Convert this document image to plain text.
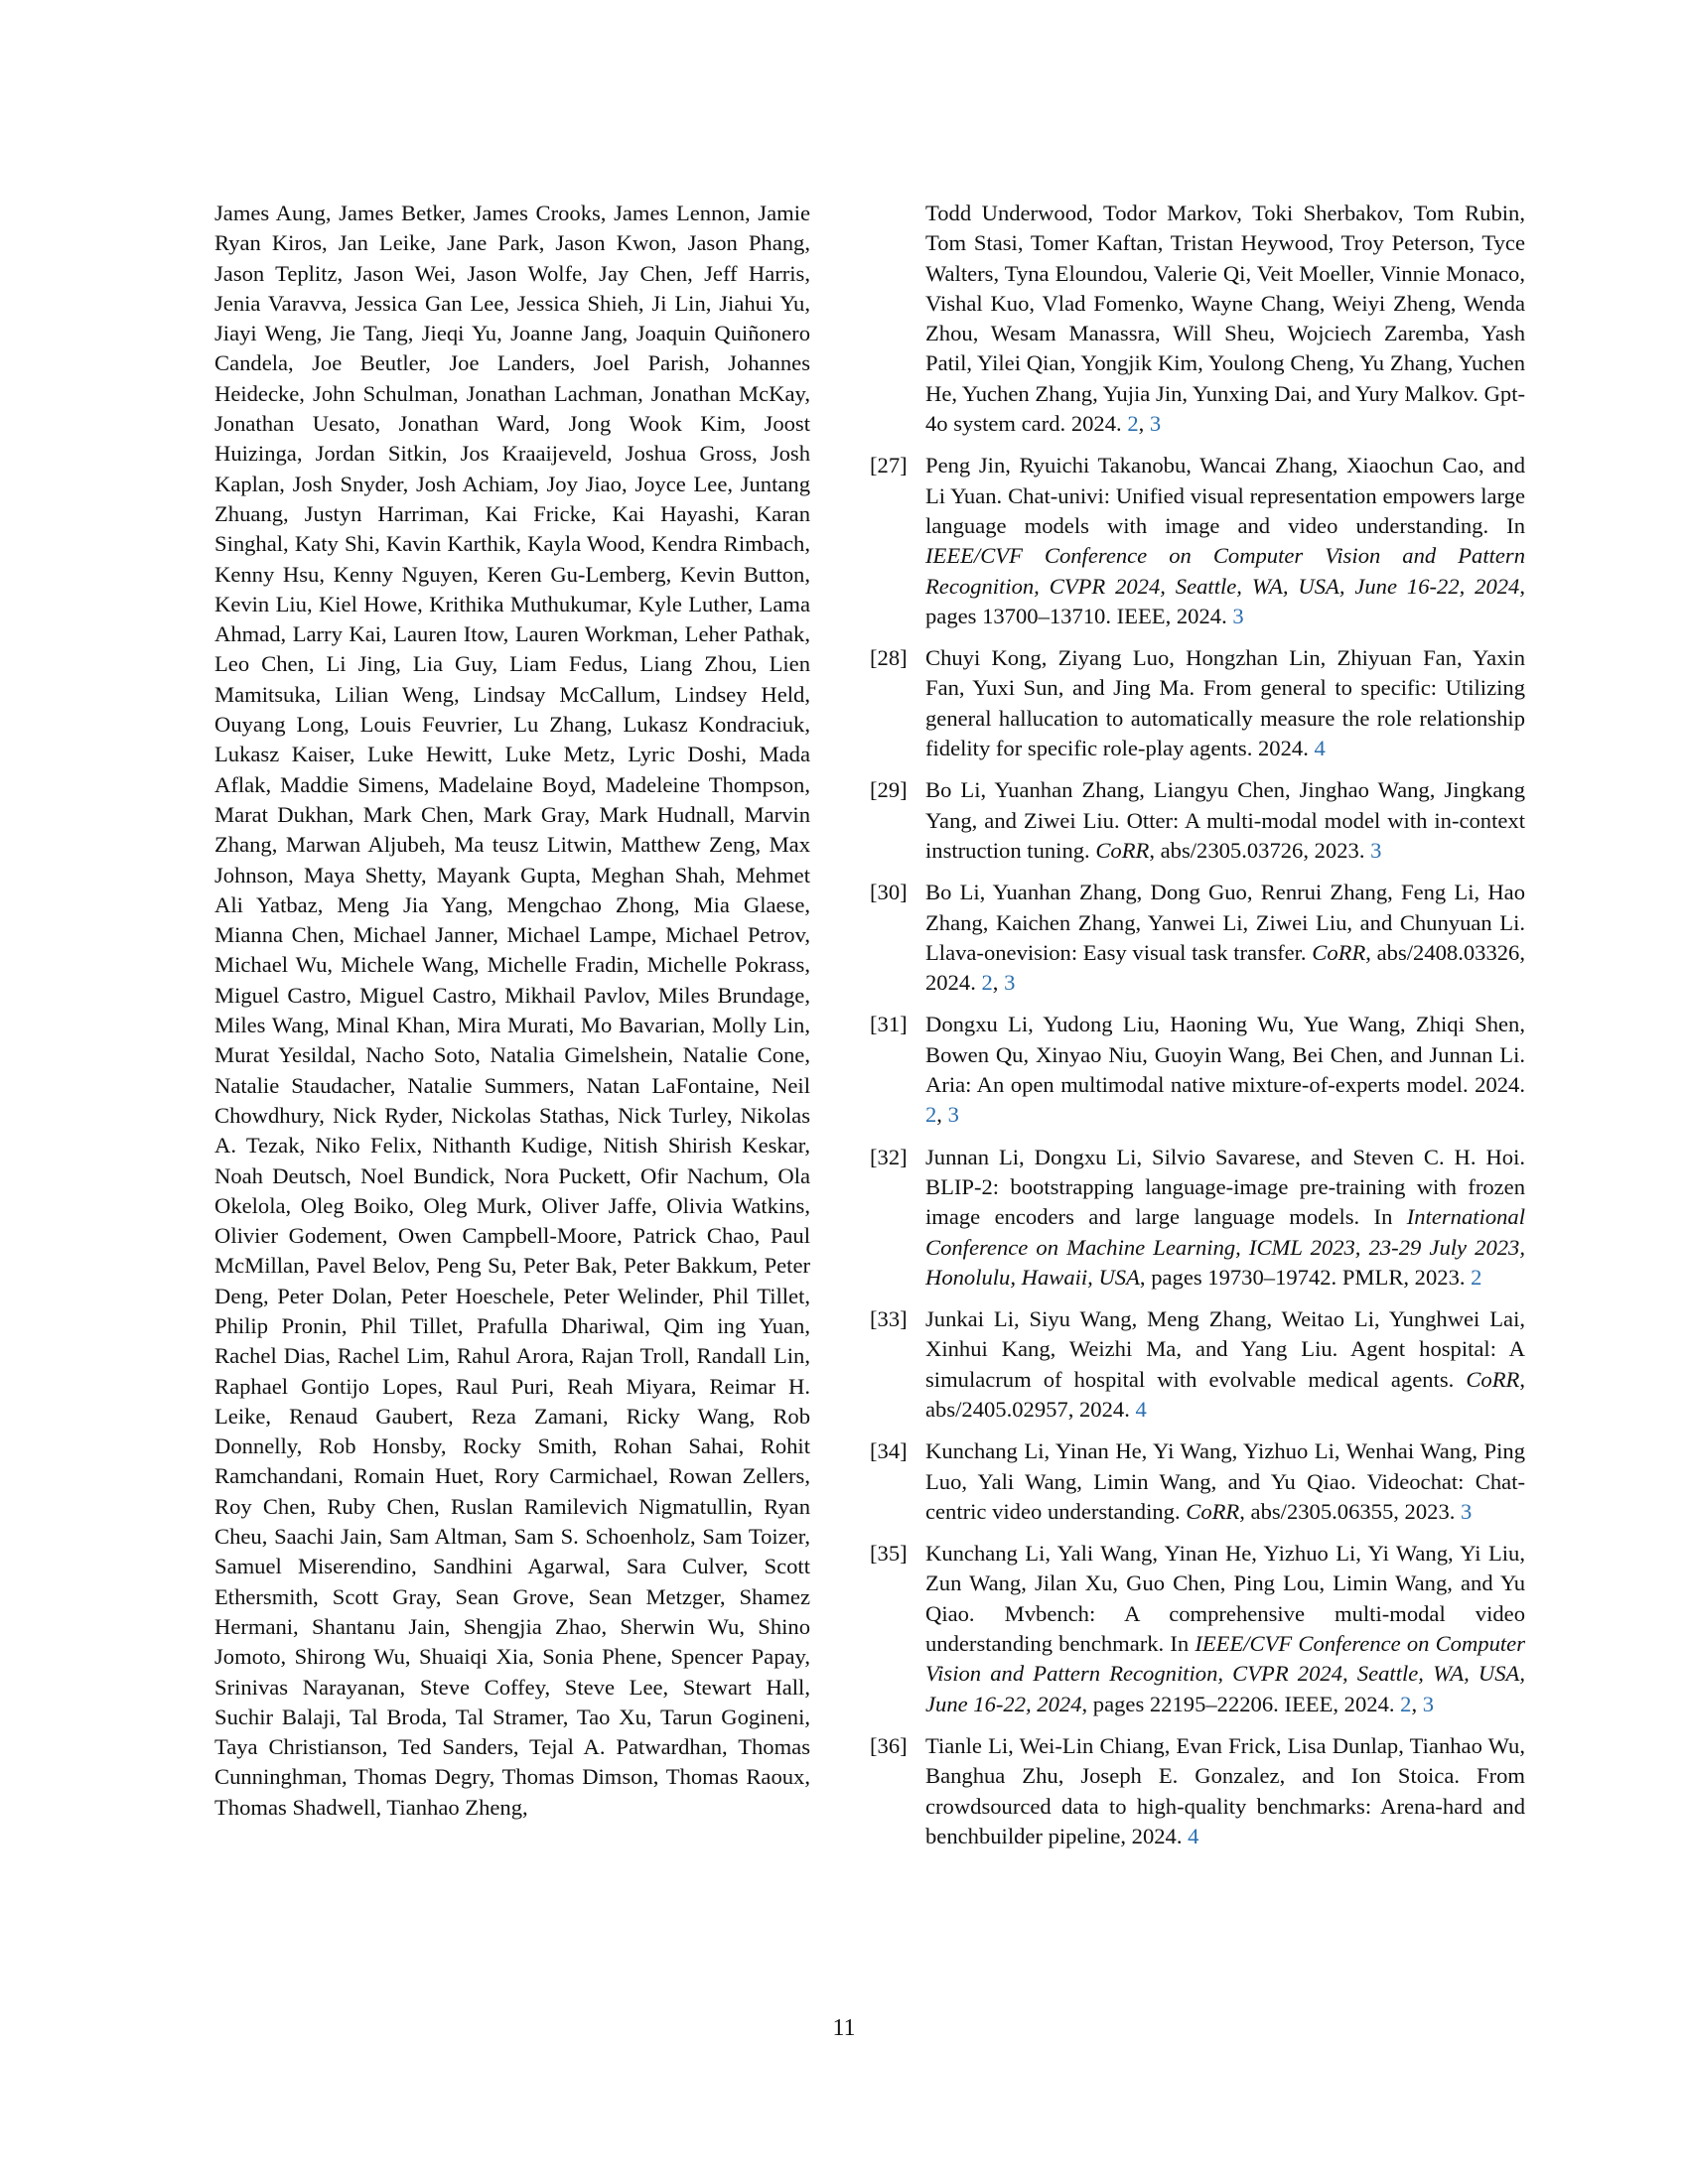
James Aung, James Betker, James Crooks, James Lennon, Jamie Ryan Kiros, Jan Leike, Jane Park, Jason Kwon, Jason Phang, Jason Teplitz, Jason Wei, Jason Wolfe, Jay Chen, Jeff Harris, Jenia Varavva, Jessica Gan Lee, Jessica Shieh, Ji Lin, Jiahui Yu, Jiayi Weng, Jie Tang, Jieqi Yu, Joanne Jang, Joaquin Quiñonero Candela, Joe Beutler, Joe Landers, Joel Parish, Johannes Heidecke, John Schulman, Jonathan Lachman, Jonathan McKay, Jonathan Uesato, Jonathan Ward, Jong Wook Kim, Joost Huizinga, Jordan Sitkin, Jos Kraaijeveld, Joshua Gross, Josh Kaplan, Josh Snyder, Josh Achiam, Joy Jiao, Joyce Lee, Juntang Zhuang, Justyn Harriman, Kai Fricke, Kai Hayashi, Karan Singhal, Katy Shi, Kavin Karthik, Kayla Wood, Kendra Rimbach, Kenny Hsu, Kenny Nguyen, Keren Gu-Lemberg, Kevin Button, Kevin Liu, Kiel Howe, Krithika Muthukumar, Kyle Luther, Lama Ahmad, Larry Kai, Lauren Itow, Lauren Workman, Leher Pathak, Leo Chen, Li Jing, Lia Guy, Liam Fedus, Liang Zhou, Lien Mamitsuka, Lilian Weng, Lindsay McCallum, Lindsey Held, Ouyang Long, Louis Feuvrier, Lu Zhang, Lukasz Kondraciuk, Lukasz Kaiser, Luke Hewitt, Luke Metz, Lyric Doshi, Mada Aflak, Maddie Simens, Madelaine Boyd, Madeleine Thompson, Marat Dukhan, Mark Chen, Mark Gray, Mark Hudnall, Marvin Zhang, Marwan Aljubeh, Ma teusz Litwin, Matthew Zeng, Max Johnson, Maya Shetty, Mayank Gupta, Meghan Shah, Mehmet Ali Yatbaz, Meng Jia Yang, Mengchao Zhong, Mia Glaese, Mianna Chen, Michael Janner, Michael Lampe, Michael Petrov, Michael Wu, Michele Wang, Michelle Fradin, Michelle Pokrass, Miguel Castro, Miguel Castro, Mikhail Pavlov, Miles Brundage, Miles Wang, Minal Khan, Mira Murati, Mo Bavarian, Molly Lin, Murat Yesildal, Nacho Soto, Natalia Gimelshein, Natalie Cone, Natalie Staudacher, Natalie Summers, Natan LaFontaine, Neil Chowdhury, Nick Ryder, Nickolas Stathas, Nick Turley, Nikolas A. Tezak, Niko Felix, Nithanth Kudige, Nitish Shirish Keskar, Noah Deutsch, Noel Bundick, Nora Puckett, Ofir Nachum, Ola Okelola, Oleg Boiko, Oleg Murk, Oliver Jaffe, Olivia Watkins, Olivier Godement, Owen Campbell-Moore, Patrick Chao, Paul McMillan, Pavel Belov, Peng Su, Peter Bak, Peter Bakkum, Peter Deng, Peter Dolan, Peter Hoeschele, Peter Welinder, Phil Tillet, Philip Pronin, Phil Tillet, Prafulla Dhariwal, Qim ing Yuan, Rachel Dias, Rachel Lim, Rahul Arora, Rajan Troll, Randall Lin, Raphael Gontijo Lopes, Raul Puri, Reah Miyara, Reimar H. Leike, Renaud Gaubert, Reza Zamani, Ricky Wang, Rob Donnelly, Rob Honsby, Rocky Smith, Rohan Sahai, Rohit Ramchandani, Romain Huet, Rory Carmichael, Rowan Zellers, Roy Chen, Ruby Chen, Ruslan Ramilevich Nigmatullin, Ryan Cheu, Saachi Jain, Sam Altman, Sam S. Schoenholz, Sam Toizer, Samuel Miserendino, Sandhini Agarwal, Sara Culver, Scott Ethersmith, Scott Gray, Sean Grove, Sean Metzger, Shamez Hermani, Shantanu Jain, Shengjia Zhao, Sherwin Wu, Shino Jomoto, Shirong Wu, Shuaiqi Xia, Sonia Phene, Spencer Papay, Srinivas Narayanan, Steve Coffey, Steve Lee, Stewart Hall, Suchir Balaji, Tal Broda, Tal Stramer, Tao Xu, Tarun Gogineni, Taya Christianson, Ted Sanders, Tejal A. Patwardhan, Thomas Cunninghman, Thomas Degry, Thomas Dimson, Thomas Raoux, Thomas Shadwell, Tianhao Zheng,
Todd Underwood, Todor Markov, Toki Sherbakov, Tom Rubin, Tom Stasi, Tomer Kaftan, Tristan Heywood, Troy Peterson, Tyce Walters, Tyna Eloundou, Valerie Qi, Veit Moeller, Vinnie Monaco, Vishal Kuo, Vlad Fomenko, Wayne Chang, Weiyi Zheng, Wenda Zhou, Wesam Manassra, Will Sheu, Wojciech Zaremba, Yash Patil, Yilei Qian, Yongjik Kim, Youlong Cheng, Yu Zhang, Yuchen He, Yuchen Zhang, Yujia Jin, Yunxing Dai, and Yury Malkov. Gpt-4o system card. 2024. 2, 3
[27] Peng Jin, Ryuichi Takanobu, Wancai Zhang, Xiaochun Cao, and Li Yuan. Chat-univi: Unified visual representation empowers large language models with image and video understanding. In IEEE/CVF Conference on Computer Vision and Pattern Recognition, CVPR 2024, Seattle, WA, USA, June 16-22, 2024, pages 13700–13710. IEEE, 2024. 3
[28] Chuyi Kong, Ziyang Luo, Hongzhan Lin, Zhiyuan Fan, Yaxin Fan, Yuxi Sun, and Jing Ma. From general to specific: Utilizing general hallucation to automatically measure the role relationship fidelity for specific role-play agents. 2024. 4
[29] Bo Li, Yuanhan Zhang, Liangyu Chen, Jinghao Wang, Jingkang Yang, and Ziwei Liu. Otter: A multi-modal model with in-context instruction tuning. CoRR, abs/2305.03726, 2023. 3
[30] Bo Li, Yuanhan Zhang, Dong Guo, Renrui Zhang, Feng Li, Hao Zhang, Kaichen Zhang, Yanwei Li, Ziwei Liu, and Chunyuan Li. Llava-onevision: Easy visual task transfer. CoRR, abs/2408.03326, 2024. 2, 3
[31] Dongxu Li, Yudong Liu, Haoning Wu, Yue Wang, Zhiqi Shen, Bowen Qu, Xinyao Niu, Guoyin Wang, Bei Chen, and Junnan Li. Aria: An open multimodal native mixture-of-experts model. 2024. 2, 3
[32] Junnan Li, Dongxu Li, Silvio Savarese, and Steven C. H. Hoi. BLIP-2: bootstrapping language-image pre-training with frozen image encoders and large language models. In International Conference on Machine Learning, ICML 2023, 23-29 July 2023, Honolulu, Hawaii, USA, pages 19730–19742. PMLR, 2023. 2
[33] Junkai Li, Siyu Wang, Meng Zhang, Weitao Li, Yunghwei Lai, Xinhui Kang, Weizhi Ma, and Yang Liu. Agent hospital: A simulacrum of hospital with evolvable medical agents. CoRR, abs/2405.02957, 2024. 4
[34] Kunchang Li, Yinan He, Yi Wang, Yizhuo Li, Wenhai Wang, Ping Luo, Yali Wang, Limin Wang, and Yu Qiao. Videochat: Chat-centric video understanding. CoRR, abs/2305.06355, 2023. 3
[35] Kunchang Li, Yali Wang, Yinan He, Yizhuo Li, Yi Wang, Yi Liu, Zun Wang, Jilan Xu, Guo Chen, Ping Lou, Limin Wang, and Yu Qiao. Mvbench: A comprehensive multi-modal video understanding benchmark. In IEEE/CVF Conference on Computer Vision and Pattern Recognition, CVPR 2024, Seattle, WA, USA, June 16-22, 2024, pages 22195–22206. IEEE, 2024. 2, 3
[36] Tianle Li, Wei-Lin Chiang, Evan Frick, Lisa Dunlap, Tianhao Wu, Banghua Zhu, Joseph E. Gonzalez, and Ion Stoica. From crowdsourced data to high-quality benchmarks: Arena-hard and benchbuilder pipeline, 2024. 4
11
